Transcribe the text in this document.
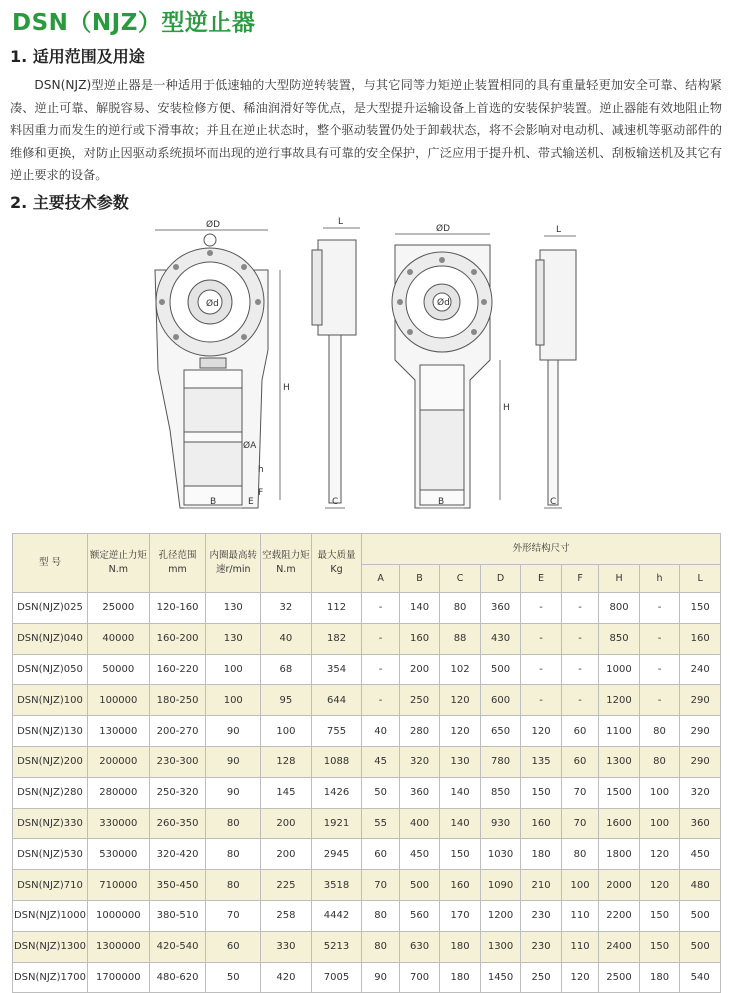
DSN（NJZ）型逆止器
1. 适用范围及用途
DSN(NJZ)型逆止器是一种适用于低速轴的大型防逆转装置，与其它同等力矩逆止装置相同的具有重量轻更加安全可靠、结构紧凑、逆止可靠、解脱容易、安装检修方便、稀油润滑好等优点，是大型提升运输设备上首选的安装保护装置。逆止器能有效地阻止物料因重力而发生的逆行或下滑事故；并且在逆止状态时，整个驱动装置仍处于卸载状态，将不会影响对电动机、减速机等驱动部件的维修和更换，对防止因驱动系统损坏而出现的逆行事故具有可靠的安全保护，广泛应用于提升机、带式输送机、刮板输送机及其它有逆止要求的设备。
2. 主要技术参数
ØD
Ød
H
ØA
h
B	E
F
L
C
ØD
Ød
H
B
L
C
型 号	额定逆止力矩N.m	孔径范围mm	内圈最高转速r/min	空载阻力矩N.m	最大质量Kg	外形结构尺寸								
						A	B	C	D	E	F	H	h	L
DSN(NJZ)025	25000	120-160	130	32	112	-	140	80	360	-	-	800	-	150
DSN(NJZ)040	40000	160-200	130	40	182	-	160	88	430	-	-	850	-	160
DSN(NJZ)050	50000	160-220	100	68	354	-	200	102	500	-	-	1000	-	240
DSN(NJZ)100	100000	180-250	100	95	644	-	250	120	600	-	-	1200	-	290
DSN(NJZ)130	130000	200-270	90	100	755	40	280	120	650	120	60	1100	80	290
DSN(NJZ)200	200000	230-300	90	128	1088	45	320	130	780	135	60	1300	80	290
DSN(NJZ)280	280000	250-320	90	145	1426	50	360	140	850	150	70	1500	100	320
DSN(NJZ)330	330000	260-350	80	200	1921	55	400	140	930	160	70	1600	100	360
DSN(NJZ)530	530000	320-420	80	200	2945	60	450	150	1030	180	80	1800	120	450
DSN(NJZ)710	710000	350-450	80	225	3518	70	500	160	1090	210	100	2000	120	480
DSN(NJZ)1000	1000000	380-510	70	258	4442	80	560	170	1200	230	110	2200	150	500
DSN(NJZ)1300	1300000	420-540	60	330	5213	80	630	180	1300	230	110	2400	150	500
DSN(NJZ)1700	1700000	480-620	50	420	7005	90	700	180	1450	250	120	2500	180	540
